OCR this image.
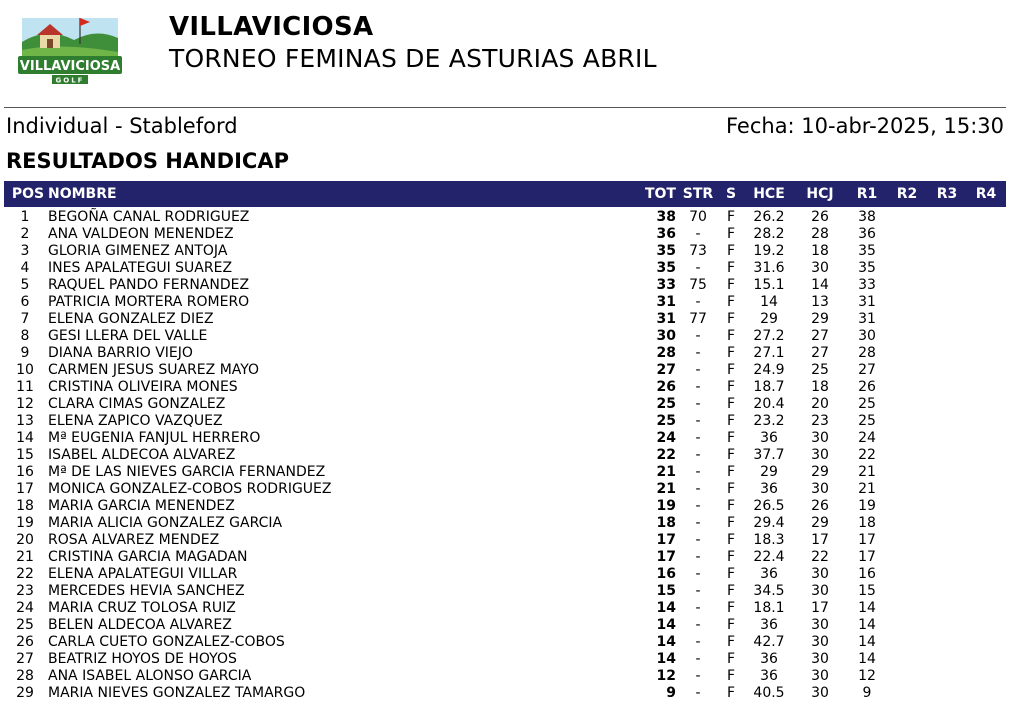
VILLAVICIOSA
GOLF
VILLAVICIOSA
TORNEO FEMINAS DE ASTURIAS ABRIL
Individual - Stableford	Fecha: 10-abr-2025, 15:30
RESULTADOS HANDICAP
POS NOMBRE	TOT STR S	HCE	HCJ	R1	R2	R3	R4
1	BEGOÑA CANAL RODRIGUEZ	38 70	F	26.2	26	38
2	ANA VALDEON MENENDEZ	36	-	F	28.2	28	36
3	GLORIA GIMENEZ ANTOJA	35 73	F	19.2	18	35
4	INES APALATEGUI SUAREZ	35	-	F	31.6	30	35
5	RAQUEL PANDO FERNANDEZ	33 75	F	15.1	14	33
6	PATRICIA MORTERA ROMERO	31	-	F	14	13	31
7	ELENA GONZALEZ DIEZ	31 77	F	29	29	31
8	GESI LLERA DEL VALLE	30	-	F	27.2	27	30
9	DIANA BARRIO VIEJO	28	-	F	27.1	27	28
10 CARMEN JESUS SUAREZ MAYO	27	-	F	24.9	25	27
11 CRISTINA OLIVEIRA MONES	26	-	F	18.7	18	26
12 CLARA CIMAS GONZALEZ	25	-	F	20.4	20	25
13 ELENA ZAPICO VAZQUEZ	25	-	F	23.2	23	25
14 Mª EUGENIA FANJUL HERRERO	24	-	F	36	30	24
15 ISABEL ALDECOA ALVAREZ	22	-	F	37.7	30	22
16 Mª DE LAS NIEVES GARCIA FERNANDEZ	21	-	F	29	29	21
17 MONICA GONZALEZ-COBOS RODRIGUEZ	21	-	F	36	30	21
18 MARIA GARCIA MENENDEZ	19	-	F	26.5	26	19
19 MARIA ALICIA GONZALEZ GARCIA	18	-	F	29.4	29	18
20 ROSA ALVAREZ MENDEZ	17	-	F	18.3	17	17
21 CRISTINA GARCIA MAGADAN	17	-	F	22.4	22	17
22 ELENA APALATEGUI VILLAR	16	-	F	36	30	16
23 MERCEDES HEVIA SANCHEZ	15	-	F	34.5	30	15
24 MARIA CRUZ TOLOSA RUIZ	14	-	F	18.1	17	14
25 BELEN ALDECOA ALVAREZ	14	-	F	36	30	14
26 CARLA CUETO GONZALEZ-COBOS	14	-	F	42.7	30	14
27 BEATRIZ HOYOS DE HOYOS	14	-	F	36	30	14
28 ANA ISABEL ALONSO GARCIA	12	-	F	36	30	12
29 MARIA NIEVES GONZALEZ TAMARGO	9	-	F	40.5	30	9
